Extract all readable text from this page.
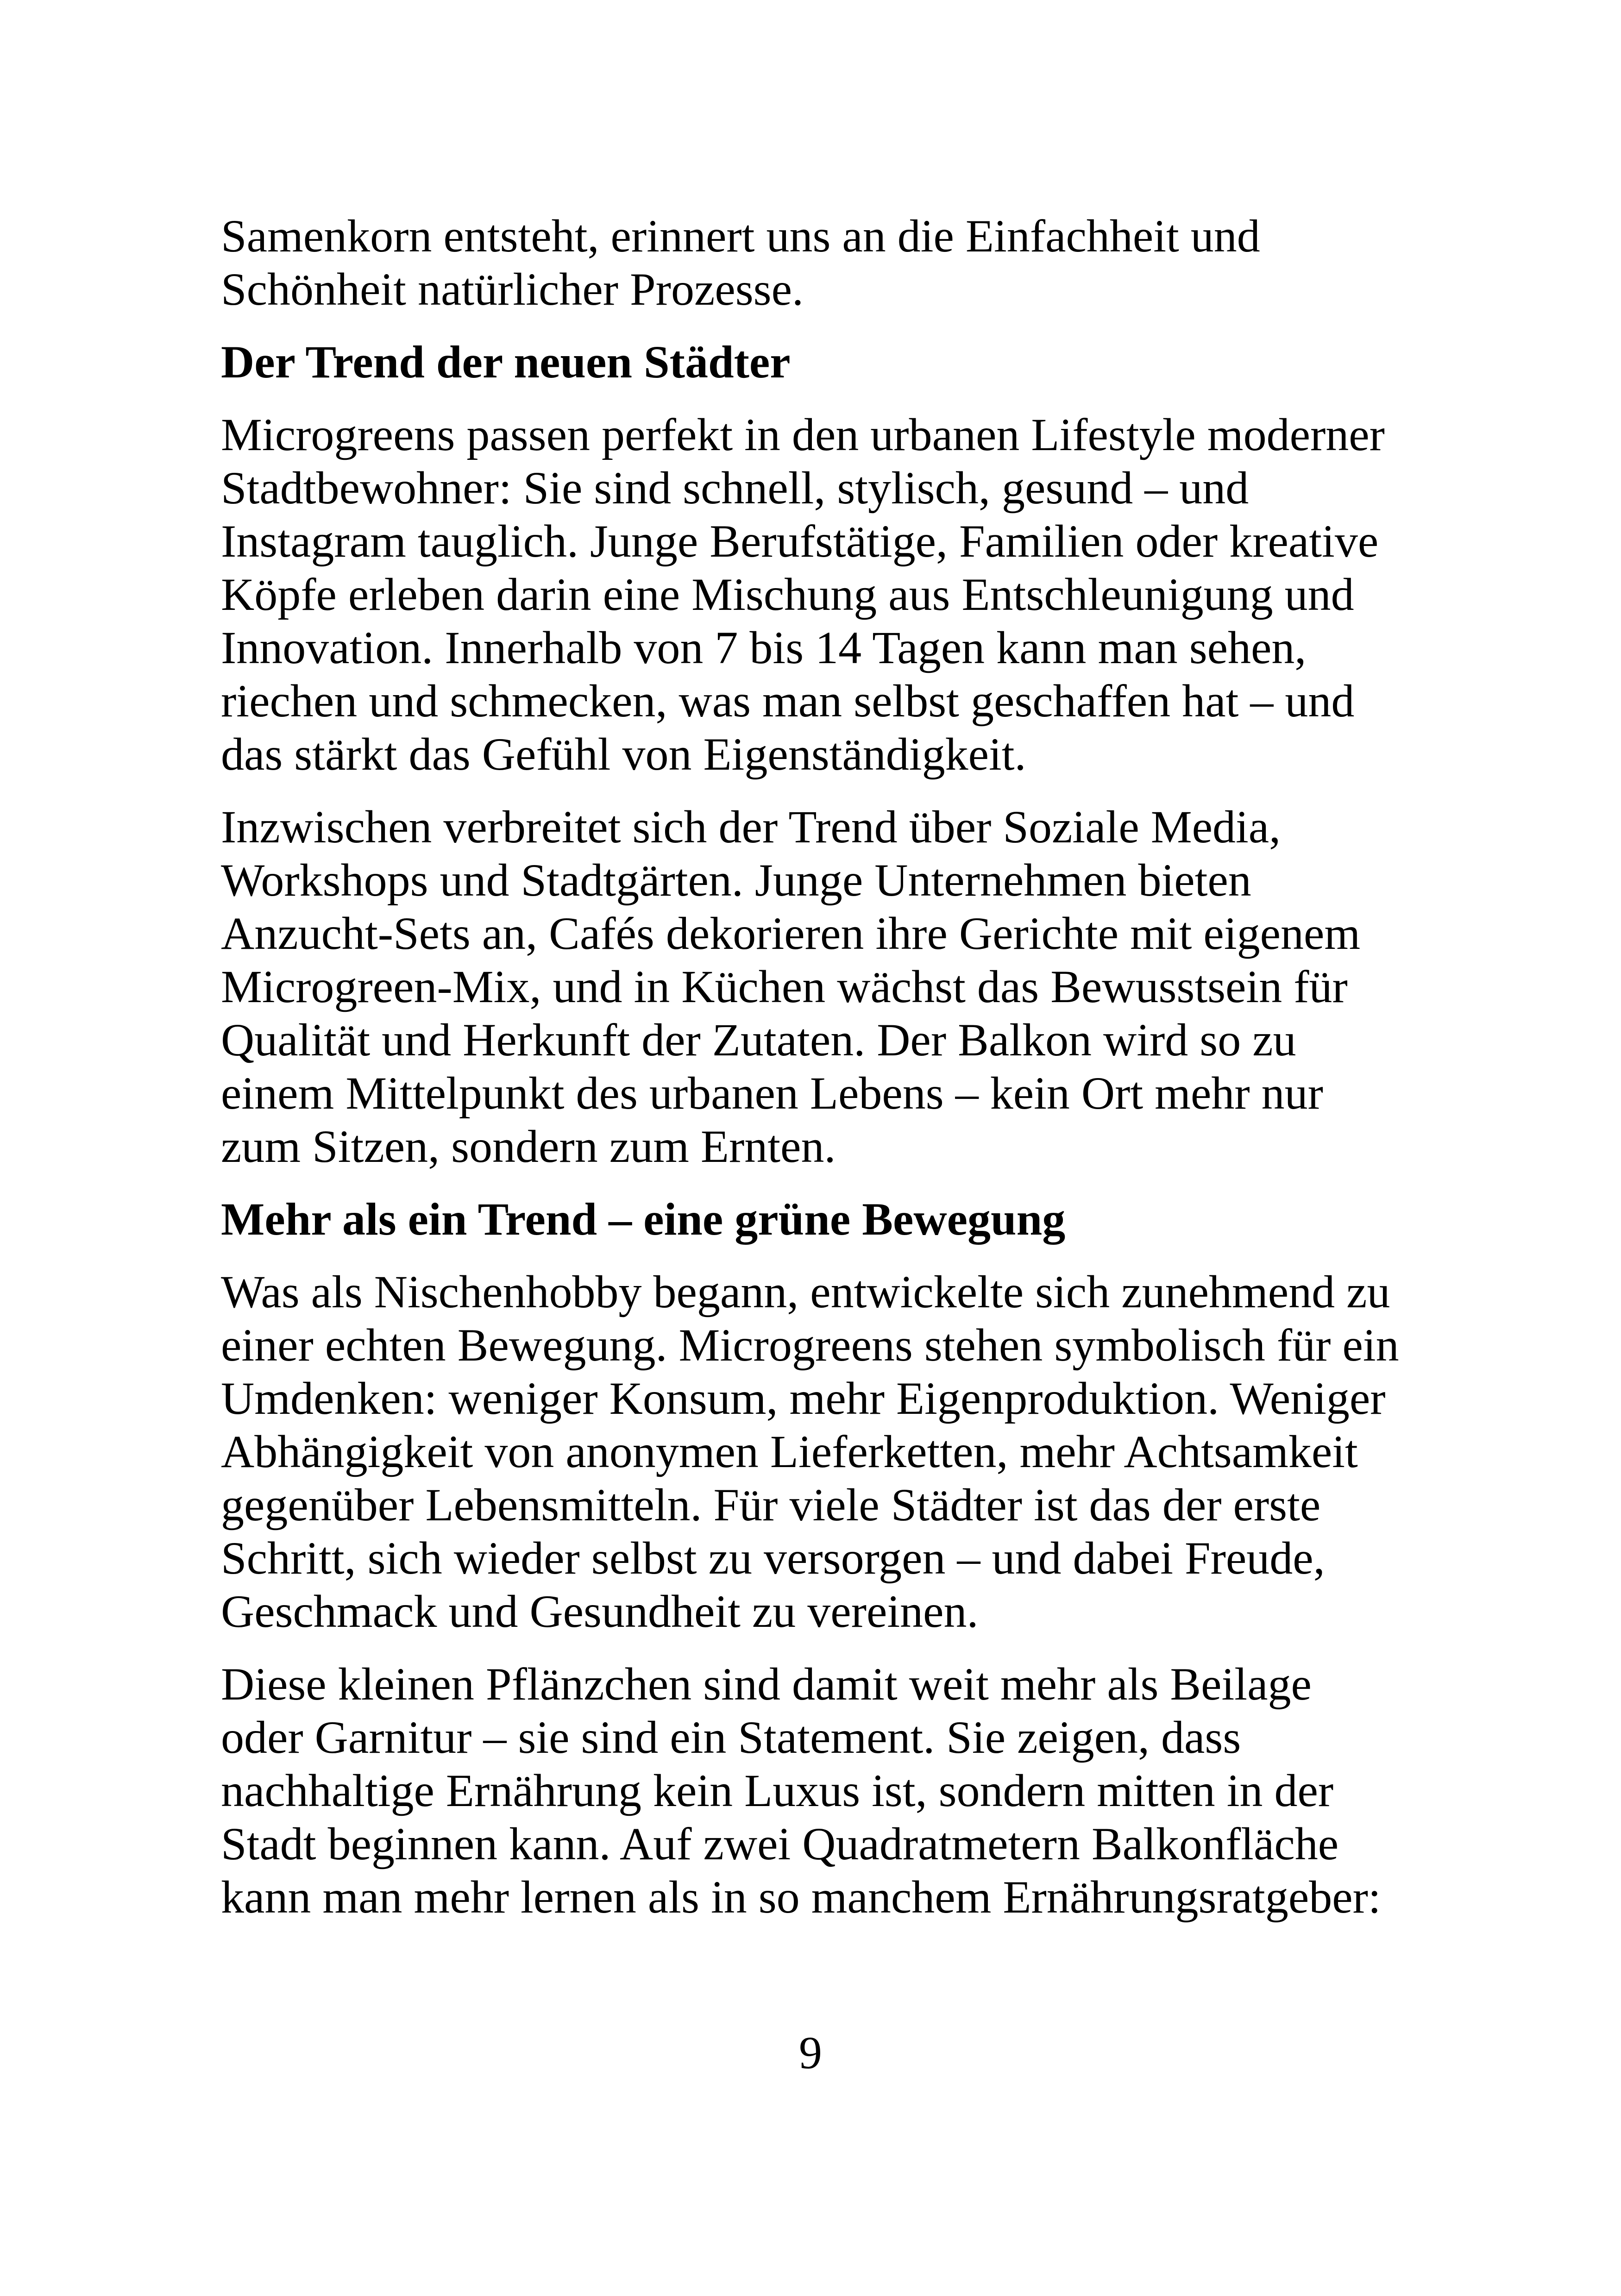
Samenkorn entsteht, erinnert uns an die Einfachheit und
Schönheit natürlicher Prozesse.
Der Trend der neuen Städter
Microgreens passen perfekt in den urbanen Lifestyle moderner
Stadtbewohner: Sie sind schnell, stylisch, gesund – und
Instagram tauglich. Junge Berufstätige, Familien oder kreative
Köpfe erleben darin eine Mischung aus Entschleunigung und
Innovation. Innerhalb von 7 bis 14 Tagen kann man sehen,
riechen und schmecken, was man selbst geschaffen hat – und
das stärkt das Gefühl von Eigenständigkeit.
Inzwischen verbreitet sich der Trend über Soziale Media,
Workshops und Stadtgärten. Junge Unternehmen bieten
Anzucht-Sets an, Cafés dekorieren ihre Gerichte mit eigenem
Microgreen-Mix, und in Küchen wächst das Bewusstsein für
Qualität und Herkunft der Zutaten. Der Balkon wird so zu
einem Mittelpunkt des urbanen Lebens – kein Ort mehr nur
zum Sitzen, sondern zum Ernten.
Mehr als ein Trend – eine grüne Bewegung
Was als Nischenhobby begann, entwickelte sich zunehmend zu
einer echten Bewegung. Microgreens stehen symbolisch für ein
Umdenken: weniger Konsum, mehr Eigenproduktion. Weniger
Abhängigkeit von anonymen Lieferketten, mehr Achtsamkeit
gegenüber Lebensmitteln. Für viele Städter ist das der erste
Schritt, sich wieder selbst zu versorgen – und dabei Freude,
Geschmack und Gesundheit zu vereinen.
Diese kleinen Pflänzchen sind damit weit mehr als Beilage
oder Garnitur – sie sind ein Statement. Sie zeigen, dass
nachhaltige Ernährung kein Luxus ist, sondern mitten in der
Stadt beginnen kann. Auf zwei Quadratmetern Balkonfläche
kann man mehr lernen als in so manchem Ernährungsratgeber:
9
